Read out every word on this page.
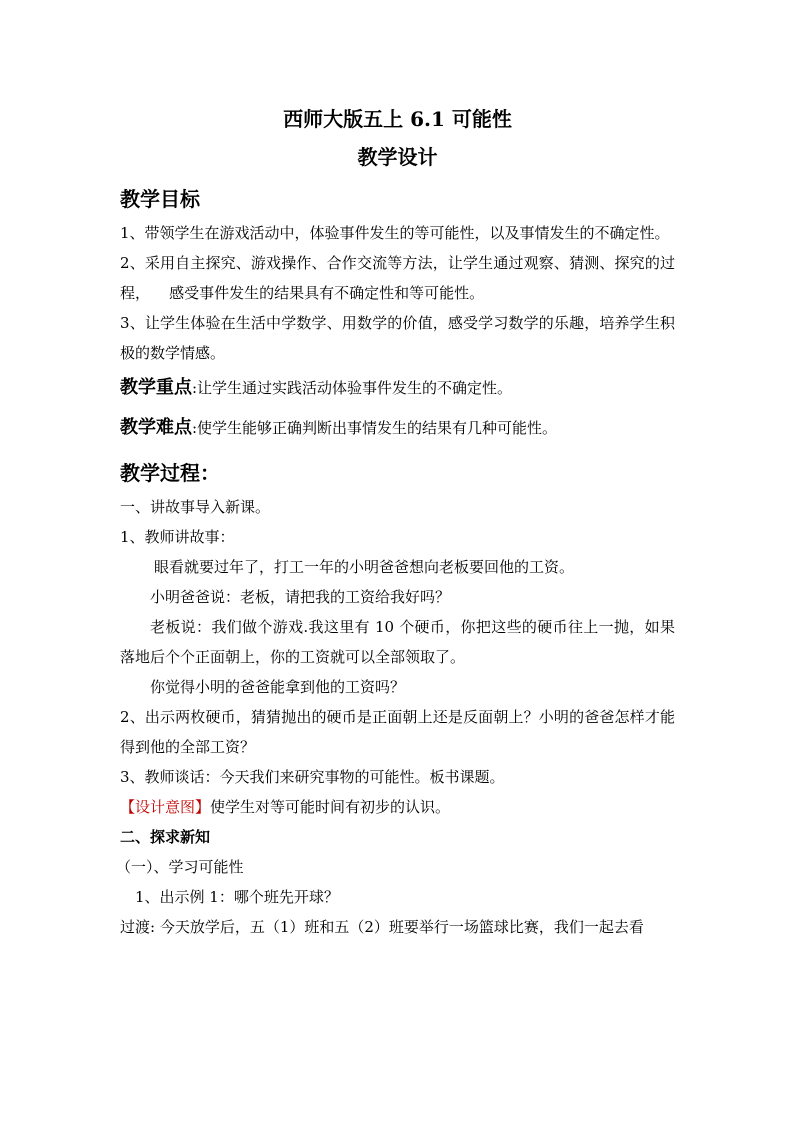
西师大版五上 6.1 可能性

教学设计

教学目标

1、带领学生在游戏活动中，体验事件发生的等可能性，以及事情发生的不确定性。

2、采用自主探究、游戏操作、合作交流等方法，让学生通过观察、猜测、探究的过程，    感受事件发生的结果具有不确定性和等可能性。

3、让学生体验在生活中学数学、用数学的价值，感受学习数学的乐趣，培养学生积极的数学情感。

教学重点:让学生通过实践活动体验事件发生的不确定性。

教学难点:使学生能够正确判断出事情发生的结果有几种可能性。

教学过程：

一、讲故事导入新课。

1、教师讲故事：

眼看就要过年了，打工一年的小明爸爸想向老板要回他的工资。

小明爸爸说：老板，请把我的工资给我好吗？

老板说：我们做个游戏.我这里有 10 个硬币，你把这些的硬币往上一抛，如果落地后个个正面朝上，你的工资就可以全部领取了。

你觉得小明的爸爸能拿到他的工资吗？

2、出示两枚硬币，猜猜抛出的硬币是正面朝上还是反面朝上？小明的爸爸怎样才能得到他的全部工资？

3、教师谈话：今天我们来研究事物的可能性。板书课题。

【设计意图】使学生对等可能时间有初步的认识。

二、探求新知

（一）、学习可能性

1、出示例 1：哪个班先开球？

过渡: 今天放学后，五（1）班和五（2）班要举行一场篮球比赛，我们一起去看
